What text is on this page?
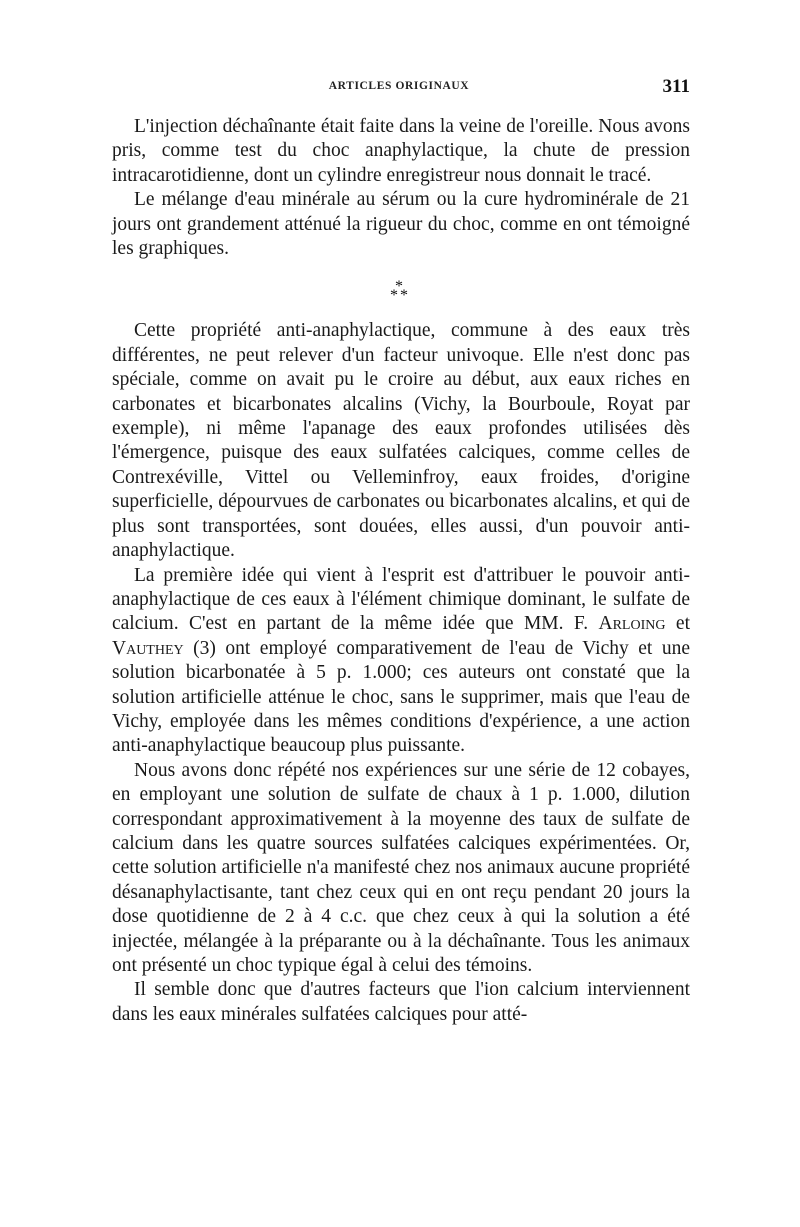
ARTICLES ORIGINAUX	311

L'injection déchaînante était faite dans la veine de l'oreille. Nous avons pris, comme test du choc anaphylactique, la chute de pression intracarotidienne, dont un cylindre enregistreur nous donnait le tracé.

Le mélange d'eau minérale au sérum ou la cure hydrominérale de 21 jours ont grandement atténué la rigueur du choc, comme en ont témoigné les graphiques.

*
* *

Cette propriété anti-anaphylactique, commune à des eaux très différentes, ne peut relever d'un facteur univoque. Elle n'est donc pas spéciale, comme on avait pu le croire au début, aux eaux riches en carbonates et bicarbonates alcalins (Vichy, la Bourboule, Royat par exemple), ni même l'apanage des eaux profondes utilisées dès l'émergence, puisque des eaux sulfatées calciques, comme celles de Contrexéville, Vittel ou Velleminfroy, eaux froides, d'origine superficielle, dépourvues de carbonates ou bicarbonates alcalins, et qui de plus sont transportées, sont douées, elles aussi, d'un pouvoir anti-anaphylactique.

La première idée qui vient à l'esprit est d'attribuer le pouvoir anti-anaphylactique de ces eaux à l'élément chimique dominant, le sulfate de calcium. C'est en partant de la même idée que MM. F. Arloing et Vauthey (3) ont employé comparativement de l'eau de Vichy et une solution bicarbonatée à 5 p. 1.000; ces auteurs ont constaté que la solution artificielle atténue le choc, sans le supprimer, mais que l'eau de Vichy, employée dans les mêmes conditions d'expérience, a une action anti-anaphylactique beaucoup plus puissante.

Nous avons donc répété nos expériences sur une série de 12 cobayes, en employant une solution de sulfate de chaux à 1 p. 1.000, dilution correspondant approximativement à la moyenne des taux de sulfate de calcium dans les quatre sources sulfatées calciques expérimentées. Or, cette solution artificielle n'a manifesté chez nos animaux aucune propriété désanaphylactisante, tant chez ceux qui en ont reçu pendant 20 jours la dose quotidienne de 2 à 4 c.c. que chez ceux à qui la solution a été injectée, mélangée à la préparante ou à la déchaînante. Tous les animaux ont présenté un choc typique égal à celui des témoins.

Il semble donc que d'autres facteurs que l'ion calcium interviennent dans les eaux minérales sulfatées calciques pour atté-
